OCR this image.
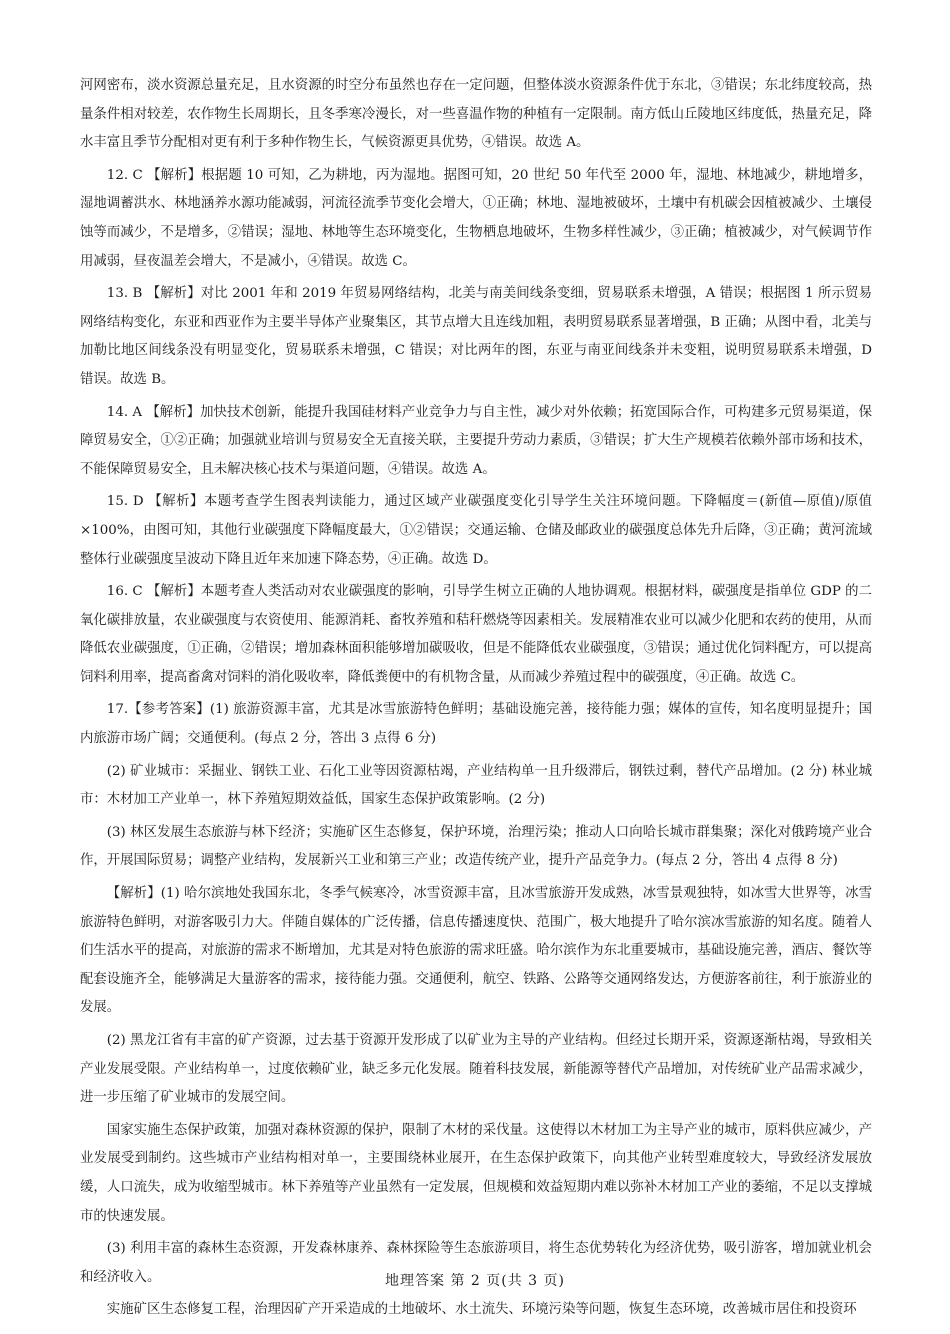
河网密布，淡水资源总量充足，且水资源的时空分布虽然也存在一定问题，但整体淡水资源条件优于东北，③错误；东北纬度较高，热量条件相对较差，农作物生长周期长，且冬季寒冷漫长，对一些喜温作物的种植有一定限制。南方低山丘陵地区纬度低，热量充足，降水丰富且季节分配相对更有利于多种作物生长，气候资源更具优势，④错误。故选 A。

12. C 【解析】根据题 10 可知，乙为耕地，丙为湿地。据图可知，20 世纪 50 年代至 2000 年，湿地、林地减少，耕地增多，湿地调蓄洪水、林地涵养水源功能减弱，河流径流季节变化会增大，①正确；林地、湿地被破坏，土壤中有机碳会因植被减少、土壤侵蚀等而减少，不是增多，②错误；湿地、林地等生态环境变化，生物栖息地破坏，生物多样性减少，③正确；植被减少，对气候调节作用减弱，昼夜温差会增大，不是减小，④错误。故选 C。

13. B 【解析】对比 2001 年和 2019 年贸易网络结构，北美与南美间线条变细，贸易联系未增强，A 错误；根据图 1 所示贸易网络结构变化，东亚和西亚作为主要半导体产业聚集区，其节点增大且连线加粗，表明贸易联系显著增强，B 正确；从图中看，北美与加勒比地区间线条没有明显变化，贸易联系未增强，C 错误；对比两年的图，东亚与南亚间线条并未变粗，说明贸易联系未增强，D 错误。故选 B。

14. A 【解析】加快技术创新，能提升我国硅材料产业竞争力与自主性，减少对外依赖；拓宽国际合作，可构建多元贸易渠道，保障贸易安全，①②正确；加强就业培训与贸易安全无直接关联，主要提升劳动力素质，③错误；扩大生产规模若依赖外部市场和技术，不能保障贸易安全，且未解决核心技术与渠道问题，④错误。故选 A。

15. D 【解析】本题考查学生图表判读能力，通过区域产业碳强度变化引导学生关注环境问题。下降幅度＝(新值—原值)/原值×100%，由图可知，其他行业碳强度下降幅度最大，①②错误；交通运输、仓储及邮政业的碳强度总体先升后降，③正确；黄河流域整体行业碳强度呈波动下降且近年来加速下降态势，④正确。故选 D。

16. C 【解析】本题考查人类活动对农业碳强度的影响，引导学生树立正确的人地协调观。根据材料，碳强度是指单位 GDP 的二氧化碳排放量，农业碳强度与农资使用、能源消耗、畜牧养殖和秸秆燃烧等因素相关。发展精准农业可以减少化肥和农药的使用，从而降低农业碳强度，①正确，②错误；增加森林面积能够增加碳吸收，但是不能降低农业碳强度，③错误；通过优化饲料配方，可以提高饲料利用率，提高畜禽对饲料的消化吸收率，降低粪便中的有机物含量，从而减少养殖过程中的碳强度，④正确。故选 C。

17.【参考答案】(1) 旅游资源丰富，尤其是冰雪旅游特色鲜明；基础设施完善，接待能力强；媒体的宣传，知名度明显提升；国内旅游市场广阔；交通便利。(每点 2 分，答出 3 点得 6 分)

(2) 矿业城市：采掘业、钢铁工业、石化工业等因资源枯竭，产业结构单一且升级滞后，钢铁过剩，替代产品增加。(2 分) 林业城市：木材加工产业单一，林下养殖短期效益低，国家生态保护政策影响。(2 分)

(3) 林区发展生态旅游与林下经济；实施矿区生态修复，保护环境，治理污染；推动人口向哈长城市群集聚；深化对俄跨境产业合作，开展国际贸易；调整产业结构，发展新兴工业和第三产业；改造传统产业，提升产品竞争力。(每点 2 分，答出 4 点得 8 分)

【解析】(1) 哈尔滨地处我国东北，冬季气候寒冷，冰雪资源丰富，且冰雪旅游开发成熟，冰雪景观独特，如冰雪大世界等，冰雪旅游特色鲜明，对游客吸引力大。伴随自媒体的广泛传播，信息传播速度快、范围广，极大地提升了哈尔滨冰雪旅游的知名度。随着人们生活水平的提高，对旅游的需求不断增加，尤其是对特色旅游的需求旺盛。哈尔滨作为东北重要城市，基础设施完善，酒店、餐饮等配套设施齐全，能够满足大量游客的需求，接待能力强。交通便利，航空、铁路、公路等交通网络发达，方便游客前往，利于旅游业的发展。

(2) 黑龙江省有丰富的矿产资源，过去基于资源开发形成了以矿业为主导的产业结构。但经过长期开采，资源逐渐枯竭，导致相关产业发展受限。产业结构单一，过度依赖矿业，缺乏多元化发展。随着科技发展，新能源等替代产品增加，对传统矿业产品需求减少，进一步压缩了矿业城市的发展空间。

国家实施生态保护政策，加强对森林资源的保护，限制了木材的采伐量。这使得以木材加工为主导产业的城市，原料供应减少，产业发展受到制约。这些城市产业结构相对单一，主要围绕林业展开，在生态保护政策下，向其他产业转型难度较大，导致经济发展放缓，人口流失，成为收缩型城市。林下养殖等产业虽然有一定发展，但规模和效益短期内难以弥补木材加工产业的萎缩，不足以支撑城市的快速发展。

(3) 利用丰富的森林生态资源，开发森林康养、森林探险等生态旅游项目，将生态优势转化为经济优势，吸引游客，增加就业机会和经济收入。

实施矿区生态修复工程，治理因矿产开采造成的土地破坏、水土流失、环境污染等问题，恢复生态环境，改善城市居住和投资环

地理答案 第 2 页(共 3 页)
